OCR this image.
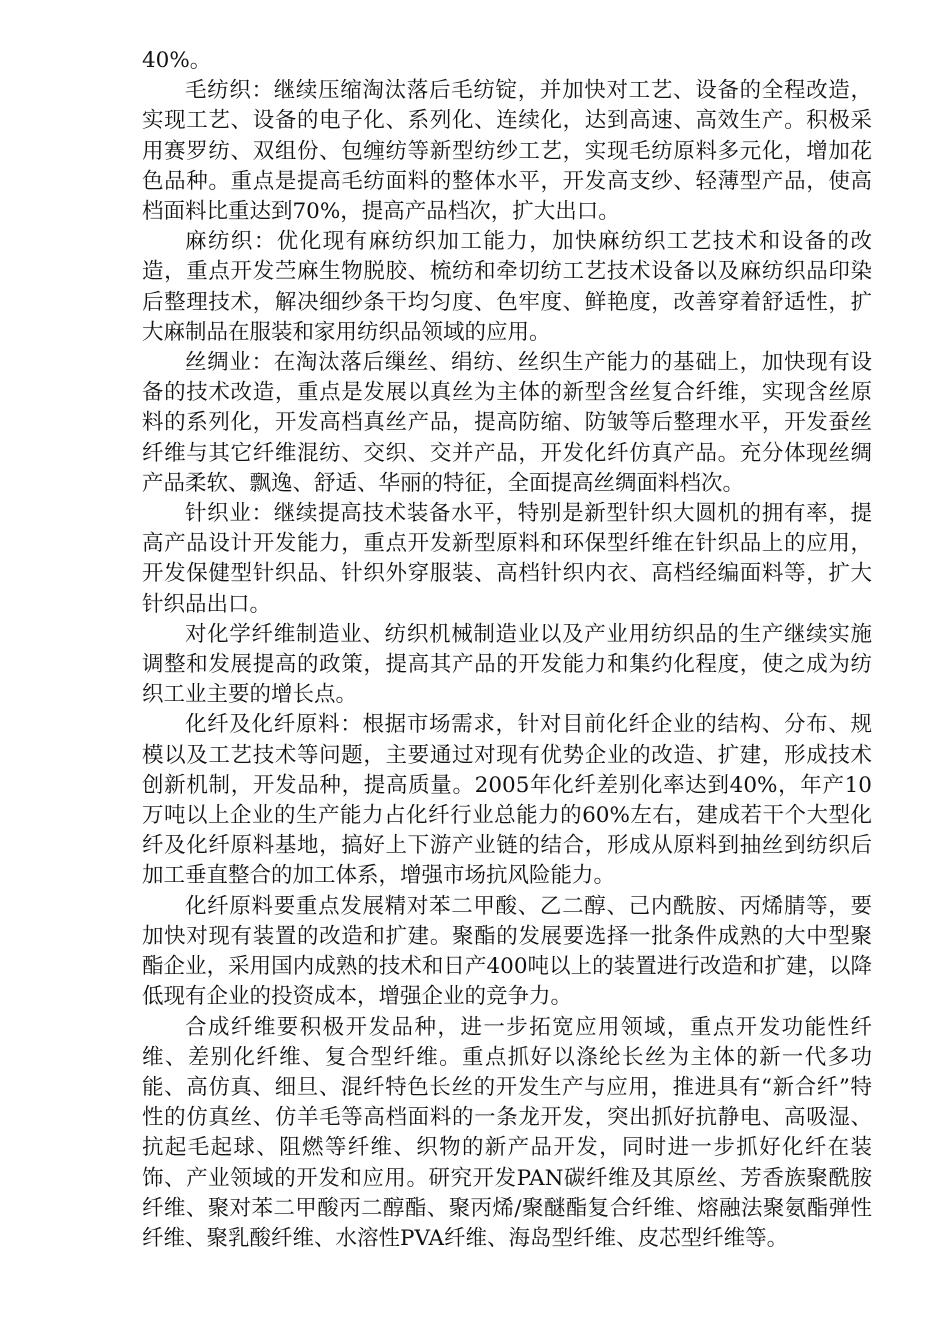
40%。

毛纺织：继续压缩淘汰落后毛纺锭，并加快对工艺、设备的全程改造，实现工艺、设备的电子化、系列化、连续化，达到高速、高效生产。积极采用赛罗纺、双组份、包缠纺等新型纺纱工艺，实现毛纺原料多元化，增加花色品种。重点是提高毛纺面料的整体水平，开发高支纱、轻薄型产品，使高档面料比重达到70%，提高产品档次，扩大出口。

麻纺织：优化现有麻纺织加工能力，加快麻纺织工艺技术和设备的改造，重点开发苎麻生物脱胶、梳纺和牵切纺工艺技术设备以及麻纺织品印染后整理技术，解决细纱条干均匀度、色牢度、鲜艳度，改善穿着舒适性，扩大麻制品在服装和家用纺织品领域的应用。

丝绸业：在淘汰落后缫丝、绢纺、丝织生产能力的基础上，加快现有设备的技术改造，重点是发展以真丝为主体的新型含丝复合纤维，实现含丝原料的系列化，开发高档真丝产品，提高防缩、防皱等后整理水平，开发蚕丝纤维与其它纤维混纺、交织、交并产品，开发化纤仿真产品。充分体现丝绸产品柔软、飘逸、舒适、华丽的特征，全面提高丝绸面料档次。

针织业：继续提高技术装备水平，特别是新型针织大圆机的拥有率，提高产品设计开发能力，重点开发新型原料和环保型纤维在针织品上的应用，开发保健型针织品、针织外穿服装、高档针织内衣、高档经编面料等，扩大针织品出口。

对化学纤维制造业、纺织机械制造业以及产业用纺织品的生产继续实施调整和发展提高的政策，提高其产品的开发能力和集约化程度，使之成为纺织工业主要的增长点。

化纤及化纤原料：根据市场需求，针对目前化纤企业的结构、分布、规模以及工艺技术等问题，主要通过对现有优势企业的改造、扩建，形成技术创新机制，开发品种，提高质量。2005年化纤差别化率达到40%，年产10万吨以上企业的生产能力占化纤行业总能力的60%左右，建成若干个大型化纤及化纤原料基地，搞好上下游产业链的结合，形成从原料到抽丝到纺织后加工垂直整合的加工体系，增强市场抗风险能力。

化纤原料要重点发展精对苯二甲酸、乙二醇、己内酰胺、丙烯腈等，要加快对现有装置的改造和扩建。聚酯的发展要选择一批条件成熟的大中型聚酯企业，采用国内成熟的技术和日产400吨以上的装置进行改造和扩建，以降低现有企业的投资成本，增强企业的竞争力。

合成纤维要积极开发品种，进一步拓宽应用领域，重点开发功能性纤维、差别化纤维、复合型纤维。重点抓好以涤纶长丝为主体的新一代多功能、高仿真、细旦、混纤特色长丝的开发生产与应用，推进具有“新合纤”特性的仿真丝、仿羊毛等高档面料的一条龙开发，突出抓好抗静电、高吸湿、抗起毛起球、阻燃等纤维、织物的新产品开发，同时进一步抓好化纤在装饰、产业领域的开发和应用。研究开发PAN碳纤维及其原丝、芳香族聚酰胺纤维、聚对苯二甲酸丙二醇酯、聚丙烯/聚醚酯复合纤维、熔融法聚氨酯弹性纤维、聚乳酸纤维、水溶性PVA纤维、海岛型纤维、皮芯型纤维等。
